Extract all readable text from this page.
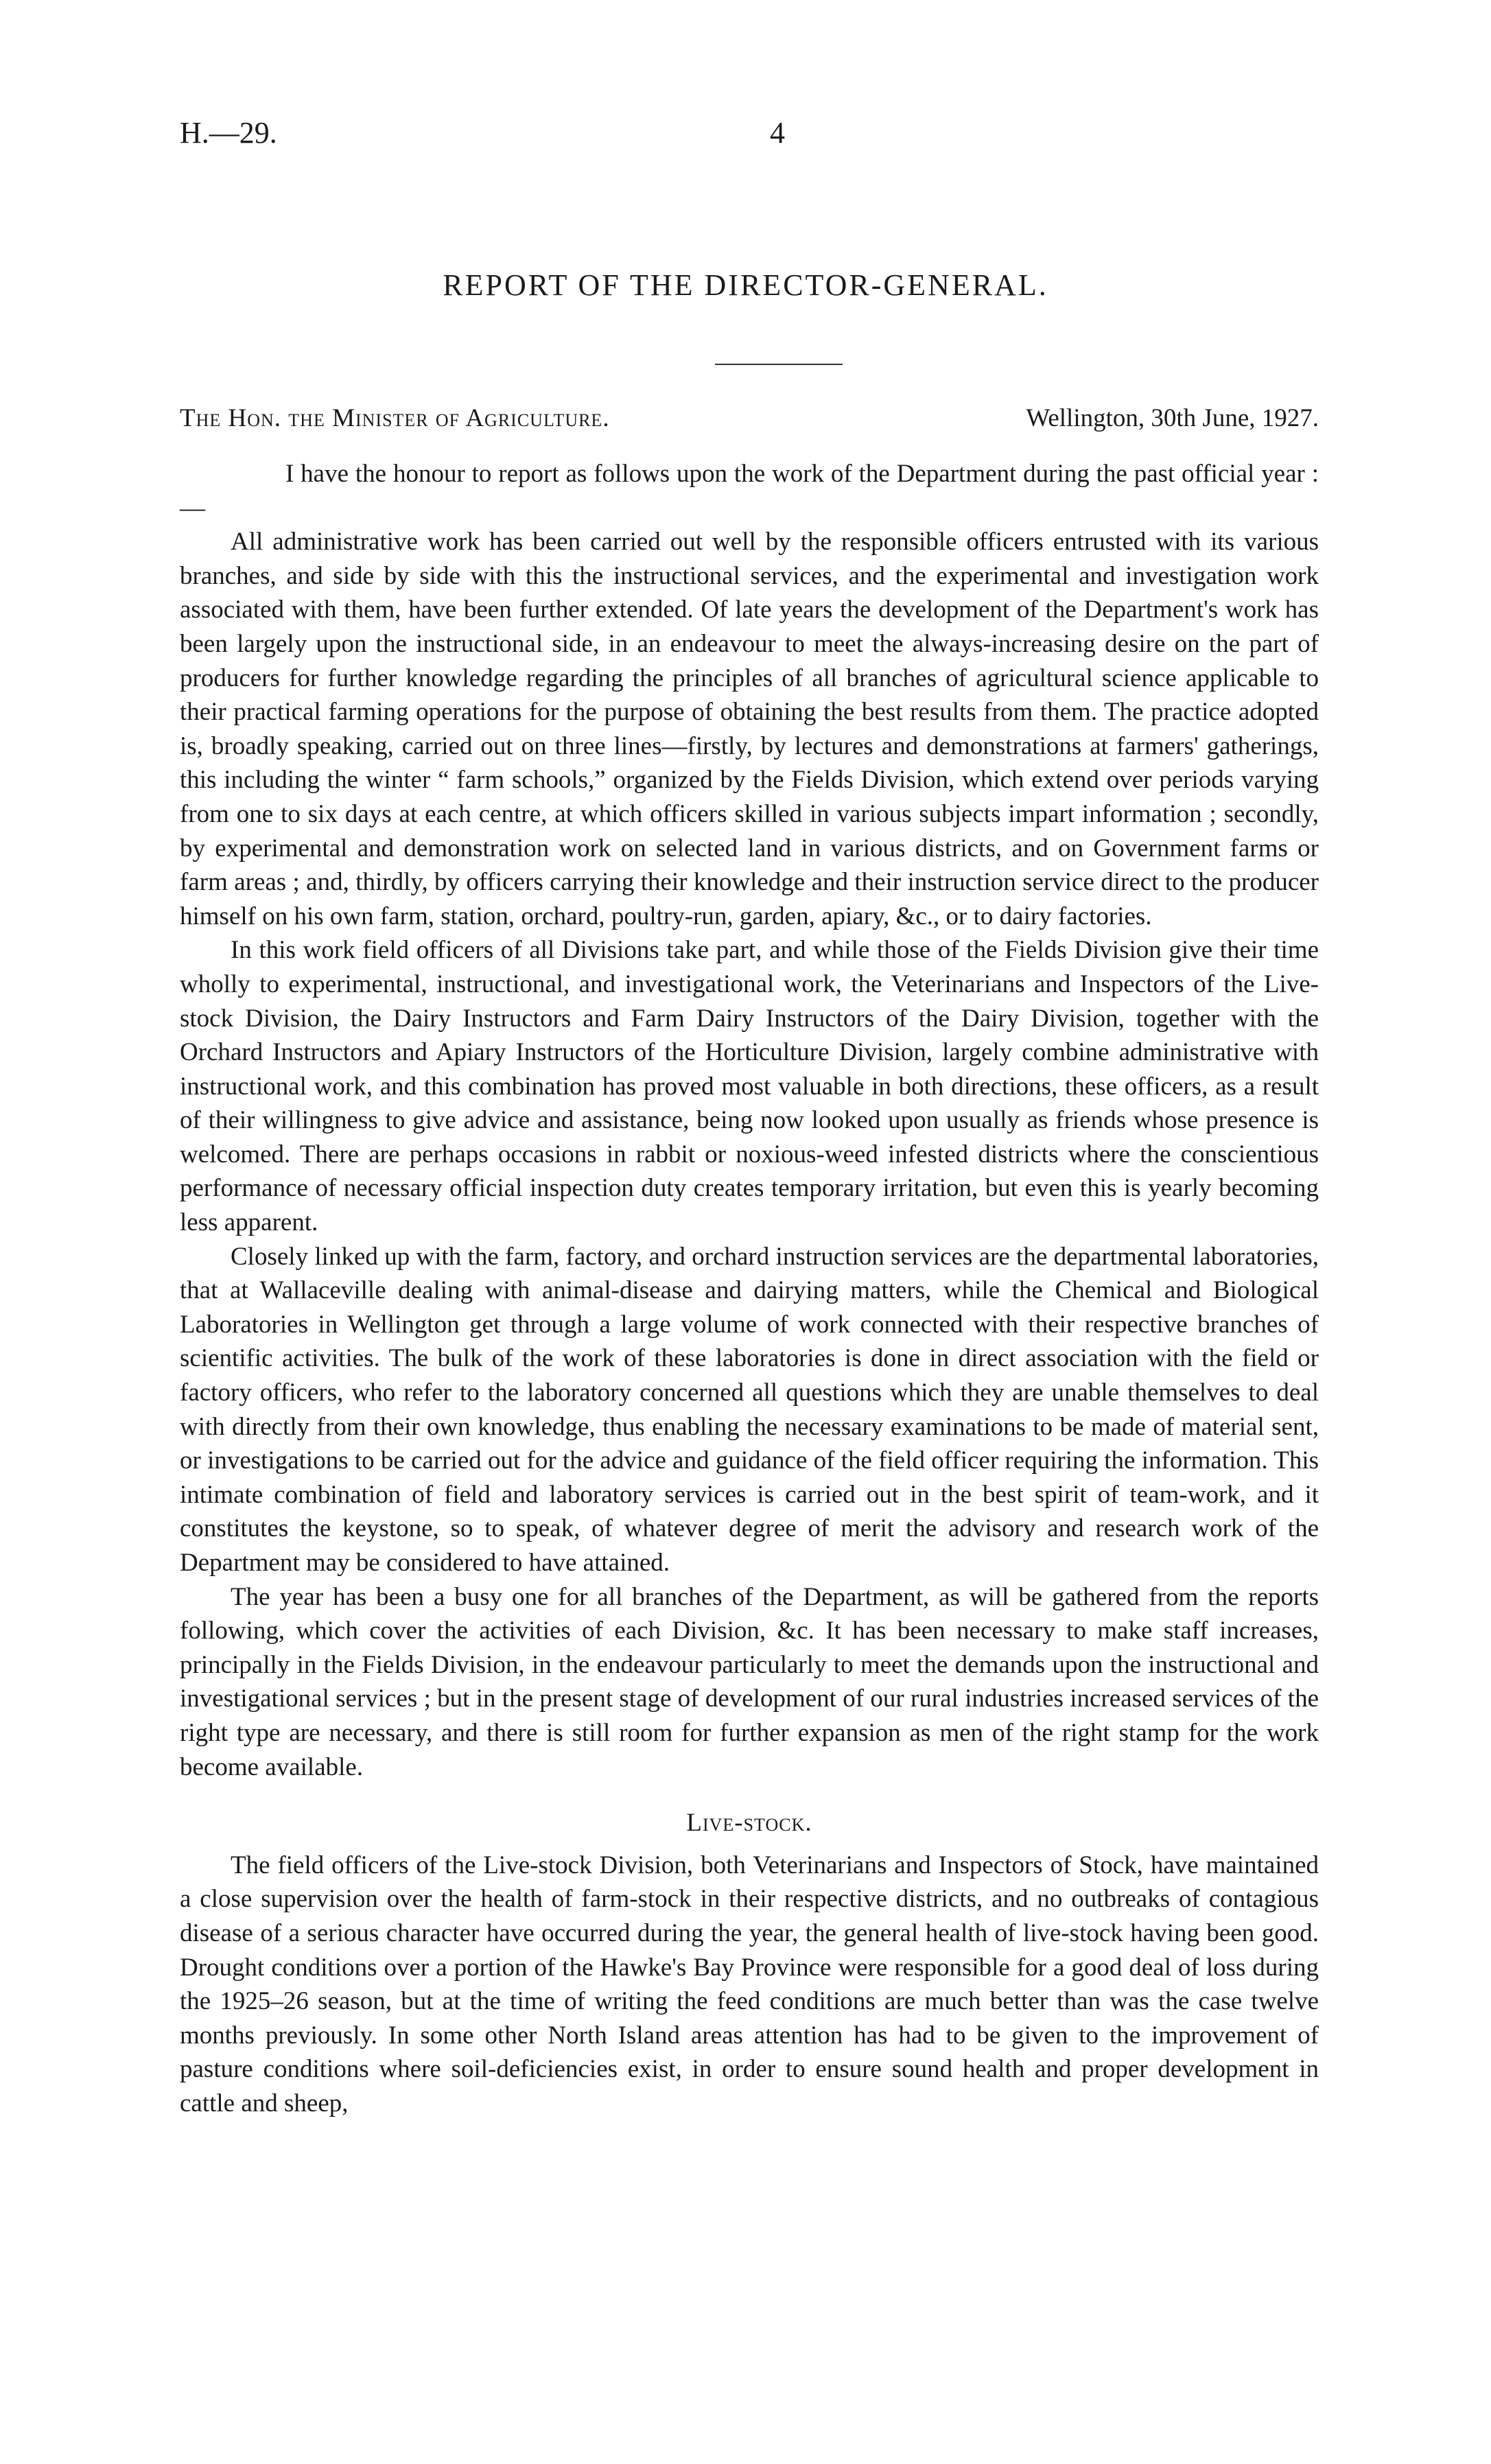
H.—29.	4
REPORT OF THE DIRECTOR-GENERAL.
The Hon. the Minister of Agriculture.	Wellington, 30th June, 1927.

I have the honour to report as follows upon the work of the Department during the past official year :—

All administrative work has been carried out well by the responsible officers entrusted with its various branches, and side by side with this the instructional services, and the experimental and investigation work associated with them, have been further extended. Of late years the development of the Department's work has been largely upon the instructional side, in an endeavour to meet the always-increasing desire on the part of producers for further knowledge regarding the principles of all branches of agricultural science applicable to their practical farming operations for the purpose of obtaining the best results from them. The practice adopted is, broadly speaking, carried out on three lines—firstly, by lectures and demonstrations at farmers' gatherings, this including the winter “ farm schools,” organized by the Fields Division, which extend over periods varying from one to six days at each centre, at which officers skilled in various subjects impart information ; secondly, by experimental and demonstration work on selected land in various districts, and on Government farms or farm areas ; and, thirdly, by officers carrying their knowledge and their instruction service direct to the producer himself on his own farm, station, orchard, poultry-run, garden, apiary, &c., or to dairy factories.

In this work field officers of all Divisions take part, and while those of the Fields Division give their time wholly to experimental, instructional, and investigational work, the Veterinarians and Inspectors of the Live-stock Division, the Dairy Instructors and Farm Dairy Instructors of the Dairy Division, together with the Orchard Instructors and Apiary Instructors of the Horticulture Division, largely combine administrative with instructional work, and this combination has proved most valuable in both directions, these officers, as a result of their willingness to give advice and assistance, being now looked upon usually as friends whose presence is welcomed. There are perhaps occasions in rabbit or noxious-weed infested districts where the conscientious performance of necessary official inspection duty creates temporary irritation, but even this is yearly becoming less apparent.

Closely linked up with the farm, factory, and orchard instruction services are the departmental laboratories, that at Wallaceville dealing with animal-disease and dairying matters, while the Chemical and Biological Laboratories in Wellington get through a large volume of work connected with their respective branches of scientific activities. The bulk of the work of these laboratories is done in direct association with the field or factory officers, who refer to the laboratory concerned all questions which they are unable themselves to deal with directly from their own knowledge, thus enabling the necessary examinations to be made of material sent, or investigations to be carried out for the advice and guidance of the field officer requiring the information. This intimate combination of field and laboratory services is carried out in the best spirit of team-work, and it constitutes the keystone, so to speak, of whatever degree of merit the advisory and research work of the Department may be considered to have attained.

The year has been a busy one for all branches of the Department, as will be gathered from the reports following, which cover the activities of each Division, &c. It has been necessary to make staff increases, principally in the Fields Division, in the endeavour particularly to meet the demands upon the instructional and investigational services ; but in the present stage of development of our rural industries increased services of the right type are necessary, and there is still room for further expansion as men of the right stamp for the work become available.

Live-stock.

The field officers of the Live-stock Division, both Veterinarians and Inspectors of Stock, have maintained a close supervision over the health of farm-stock in their respective districts, and no outbreaks of contagious disease of a serious character have occurred during the year, the general health of live-stock having been good. Drought conditions over a portion of the Hawke's Bay Province were responsible for a good deal of loss during the 1925–26 season, but at the time of writing the feed conditions are much better than was the case twelve months previously. In some other North Island areas attention has had to be given to the improvement of pasture conditions where soil-deficiencies exist, in order to ensure sound health and proper development in cattle and sheep,
